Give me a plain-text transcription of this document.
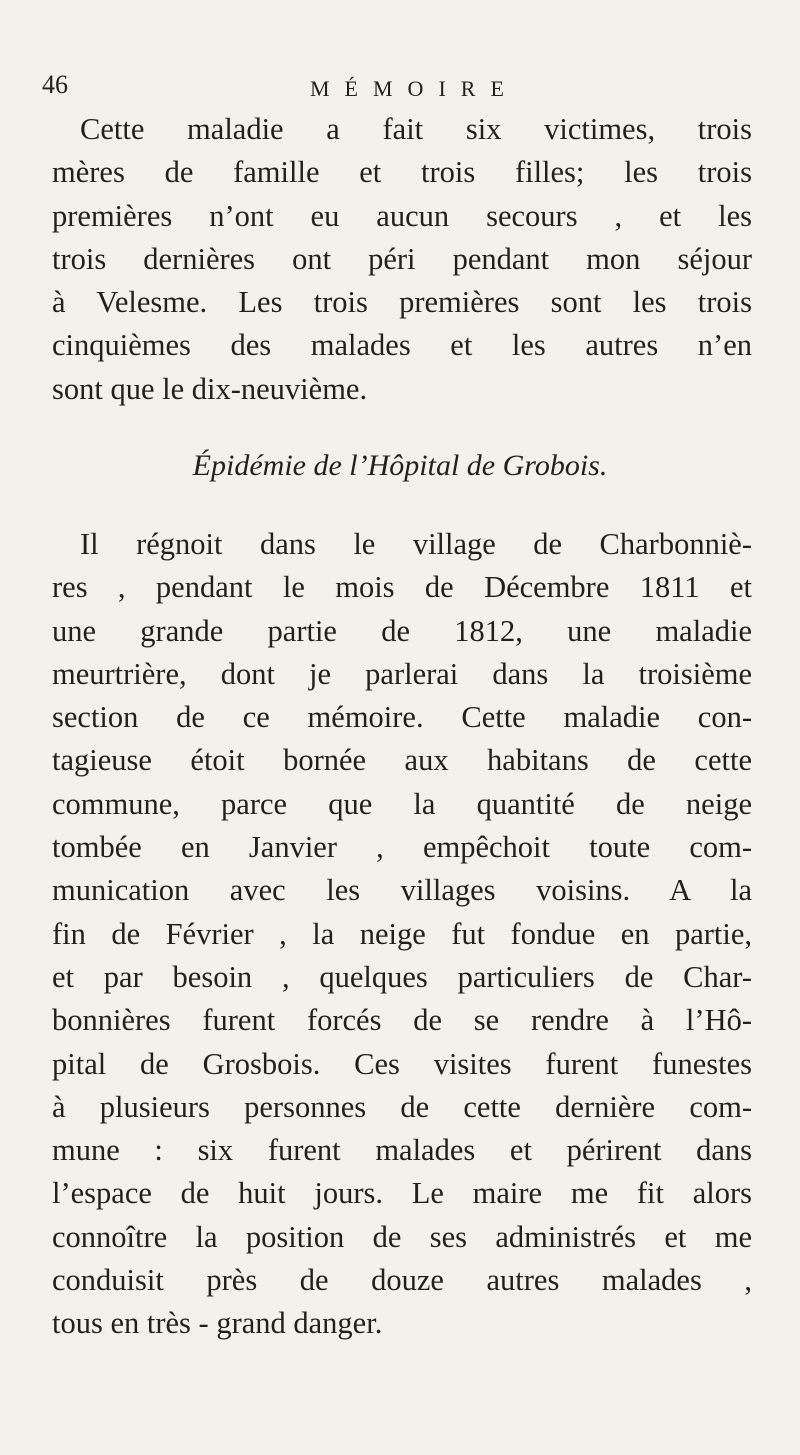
46	MÉMOIRE
Cette maladie a fait six victimes, trois
mères de famille et trois filles; les trois
premières n’ont eu aucun secours , et les
trois dernières ont péri pendant mon séjour
à Velesme. Les trois premières sont les trois
cinquièmes des malades et les autres n’en
sont que le dix-neuvième.
Épidémie de l’Hôpital de Grobois.
Il régnoit dans le village de Charbonniè-
res , pendant le mois de Décembre 1811 et
une grande partie de 1812, une maladie
meurtrière, dont je parlerai dans la troisième
section de ce mémoire. Cette maladie con-
tagieuse étoit bornée aux habitans de cette
commune, parce que la quantité de neige
tombée en Janvier , empêchoit toute com-
munication avec les villages voisins. A la
fin de Février , la neige fut fondue en partie,
et par besoin , quelques particuliers de Char-
bonnières furent forcés de se rendre à l’Hô-
pital de Grosbois. Ces visites furent funestes
à plusieurs personnes de cette dernière com-
mune : six furent malades et périrent dans
l’espace de huit jours. Le maire me fit alors
connoître la position de ses administrés et me
conduisit près de douze autres malades ,
tous en très - grand danger.
